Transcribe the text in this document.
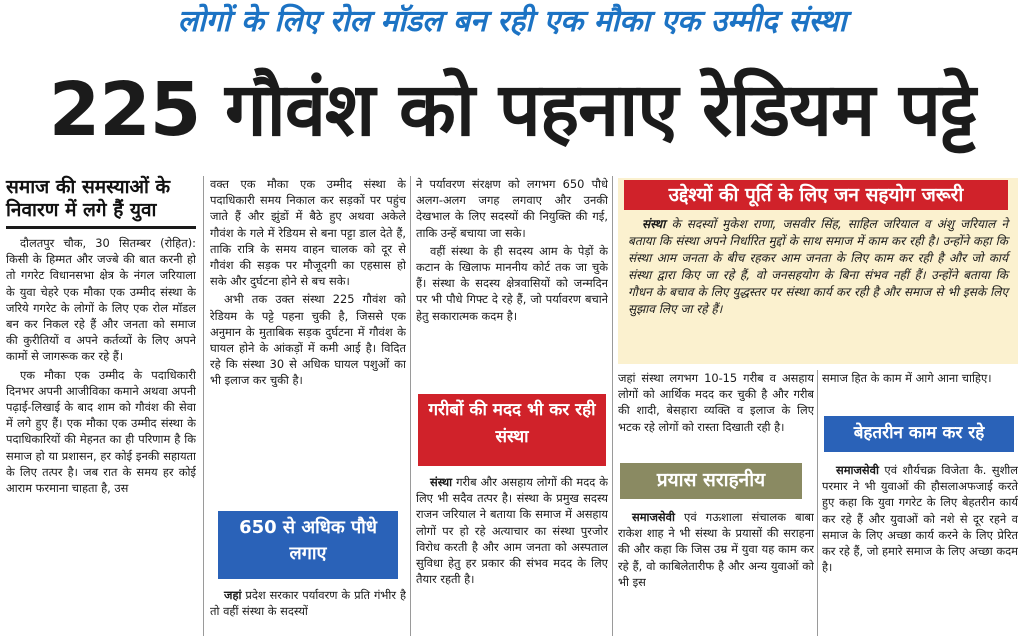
लोगों के लिए रोल मॉडल बन रही एक मौका एक उम्मीद संस्था
225 गौवंश को पहनाए रेडियम पट्टे
समाज की समस्याओं के निवारण में लगे हैं युवा

दौलतपुर चौक, 30 सितम्बर (रोहित): किसी के हिम्मत और जज्बे की बात करनी हो तो गगरेट विधानसभा क्षेत्र के नंगल जरियाला के युवा चेहरे एक मौका एक उम्मीद संस्था के जरिये गगरेट के लोगों के लिए एक रोल मॉडल बन कर निकल रहे हैं और जनता को समाज की कुरीतियों व अपने कर्तव्यों के लिए अपने कामों से जागरूक कर रहे हैं।

एक मौका एक उम्मीद के पदाधिकारी दिनभर अपनी आजीविका कमाने अथवा अपनी पढ़ाई-लिखाई के बाद शाम को गौवंश की सेवा में लगे हुए हैं। एक मौका एक उम्मीद संस्था के पदाधिकारियों की मेहनत का ही परिणाम है कि समाज हो या प्रशासन, हर कोई इनकी सहायता के लिए तत्पर है। जब रात के समय हर कोई आराम फरमाना चाहता है, उस

वक्त एक मौका एक उम्मीद संस्था के पदाधिकारी समय निकाल कर सड़कों पर पहुंच जाते हैं और झुंडों में बैठे हुए अथवा अकेले गौवंश के गले में रेडियम से बना पट्टा डाल देते हैं, ताकि रात्रि के समय वाहन चालक को दूर से गौवंश की सड़क पर मौजूदगी का एहसास हो सके और दुर्घटना होने से बच सके।

अभी तक उक्त संस्था 225 गौवंश को रेडियम के पट्टे पहना चुकी है, जिससे एक अनुमान के मुताबिक सड़क दुर्घटना में गौवंश के घायल होने के आंकड़ों में कमी आई है। विदित रहे कि संस्था 30 से अधिक घायल पशुओं का भी इलाज कर चुकी है।

650 से अधिक पौधे लगाए

जहां प्रदेश सरकार पर्यावरण के प्रति गंभीर है तो वहीं संस्था के सदस्यों

ने पर्यावरण संरक्षण को लगभग 650 पौधे अलग-अलग जगह लगवाए और उनकी देखभाल के लिए सदस्यों की नियुक्ति की गई, ताकि उन्हें बचाया जा सके।

वहीं संस्था के ही सदस्य आम के पेड़ों के कटान के खिलाफ माननीय कोर्ट तक जा चुके हैं। संस्था के सदस्य क्षेत्रवासियों को जन्मदिन पर भी पौधे गिफ्ट दे रहे हैं, जो पर्यावरण बचाने हेतु सकारात्मक कदम है।

गरीबों की मदद भी कर रही संस्था

संस्था गरीब और असहाय लोगों की मदद के लिए भी सदैव तत्पर है। संस्था के प्रमुख सदस्य राजन जरियाल ने बताया कि समाज में असहाय लोगों पर हो रहे अत्याचार का संस्था पुरजोर विरोध करती है और आम जनता को अस्पताल सुविधा हेतु हर प्रकार की संभव मदद के लिए तैयार रहती है।

उद्देश्यों की पूर्ति के लिए जन सहयोग जरूरी
संस्था के सदस्यों मुकेश राणा, जसवीर सिंह, साहिल जरियाल व अंशु जरियाल ने बताया कि संस्था अपने निर्धारित मुद्दों के साथ समाज में काम कर रही है। उन्होंने कहा कि संस्था आम जनता के बीच रहकर आम जनता के लिए काम कर रही है और जो कार्य संस्था द्वारा किए जा रहे हैं, वो जनसहयोग के बिना संभव नहीं हैं। उन्होंने बताया कि गौधन के बचाव के लिए युद्धस्तर पर संस्था कार्य कर रही है और समाज से भी इसके लिए सुझाव लिए जा रहे हैं।

जहां संस्था लगभग 10-15 गरीब व असहाय लोगों को आर्थिक मदद कर चुकी है और गरीब की शादी, बेसहारा व्यक्ति व इलाज के लिए भटक रहे लोगों को रास्ता दिखाती रही है।

प्रयास सराहनीय

समाजसेवी एवं गऊशाला संचालक बाबा राकेश शाह ने भी संस्था के प्रयासों की सराहना की और कहा कि जिस उम्र में युवा यह काम कर रहे हैं, वो काबिलेतारीफ है और अन्य युवाओं को भी इस

समाज हित के काम में आगे आना चाहिए।

बेहतरीन काम कर रहे

समाजसेवी एवं शौर्यचक्र विजेता कै. सुशील परमार ने भी युवाओं की हौसलाअफजाई करते हुए कहा कि युवा गगरेट के लिए बेहतरीन कार्य कर रहे हैं और युवाओं को नशे से दूर रहने व समाज के लिए अच्छा कार्य करने के लिए प्रेरित कर रहे हैं, जो हमारे समाज के लिए अच्छा कदम है।
